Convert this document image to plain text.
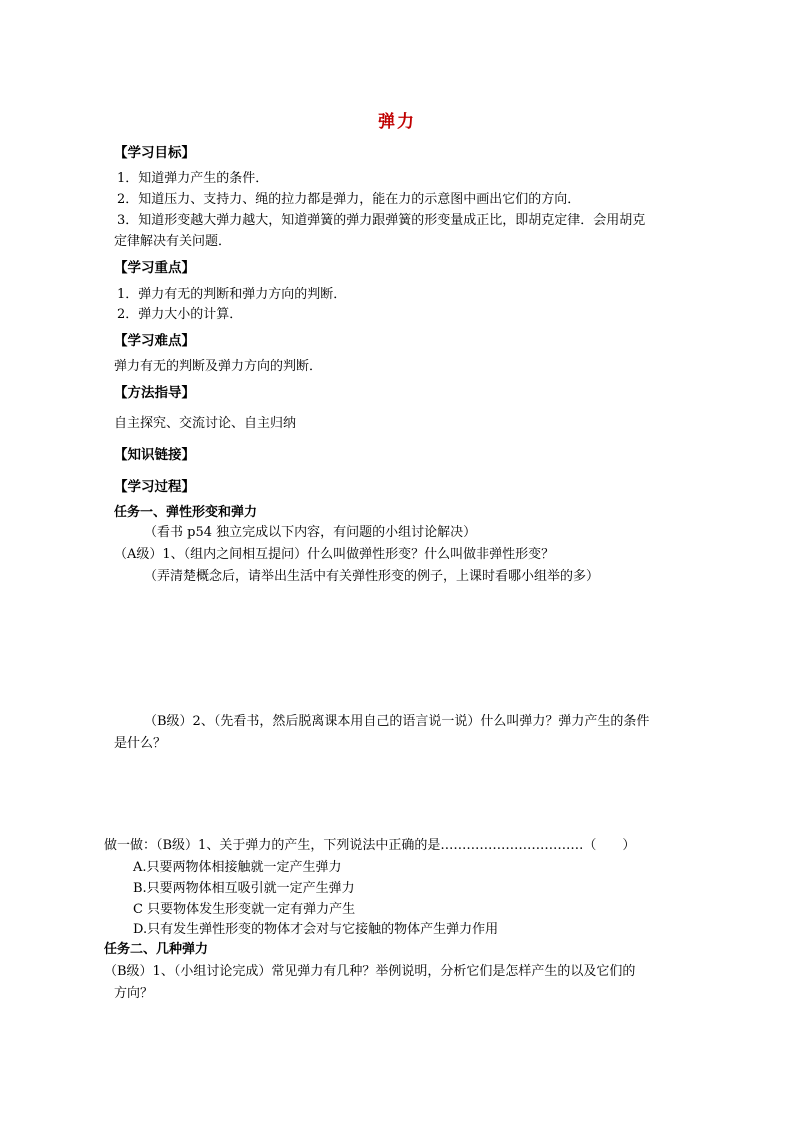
弹力
【学习目标】
1．知道弹力产生的条件．
2．知道压力、支持力、绳的拉力都是弹力，能在力的示意图中画出它们的方向．
3．知道形变越大弹力越大，知道弹簧的弹力跟弹簧的形变量成正比，即胡克定律．会用胡克
定律解决有关问题．
【学习重点】
1．弹力有无的判断和弹力方向的判断．
2．弹力大小的计算．
【学习难点】
弹力有无的判断及弹力方向的判断．
【方法指导】
自主探究、交流讨论、自主归纳
【知识链接】
【学习过程】
任务一、弹性形变和弹力
（看书 p54 独立完成以下内容，有问题的小组讨论解决）
（A级）1、（组内之间相互提问）什么叫做弹性形变？什么叫做非弹性形变？
（弄清楚概念后，请举出生活中有关弹性形变的例子，上课时看哪小组举的多）
（B级）2、（先看书，然后脱离课本用自己的语言说一说）什么叫弹力？弹力产生的条件
是什么？
做一做：（B级）1、关于弹力的产生，下列说法中正确的是……………………………（　　）
A.只要两物体相接触就一定产生弹力
B.只要两物体相互吸引就一定产生弹力
C 只要物体发生形变就一定有弹力产生
D.只有发生弹性形变的物体才会对与它接触的物体产生弹力作用
任务二、几种弹力
（B级）1、（小组讨论完成）常见弹力有几种？举例说明，分析它们是怎样产生的以及它们的
方向？
